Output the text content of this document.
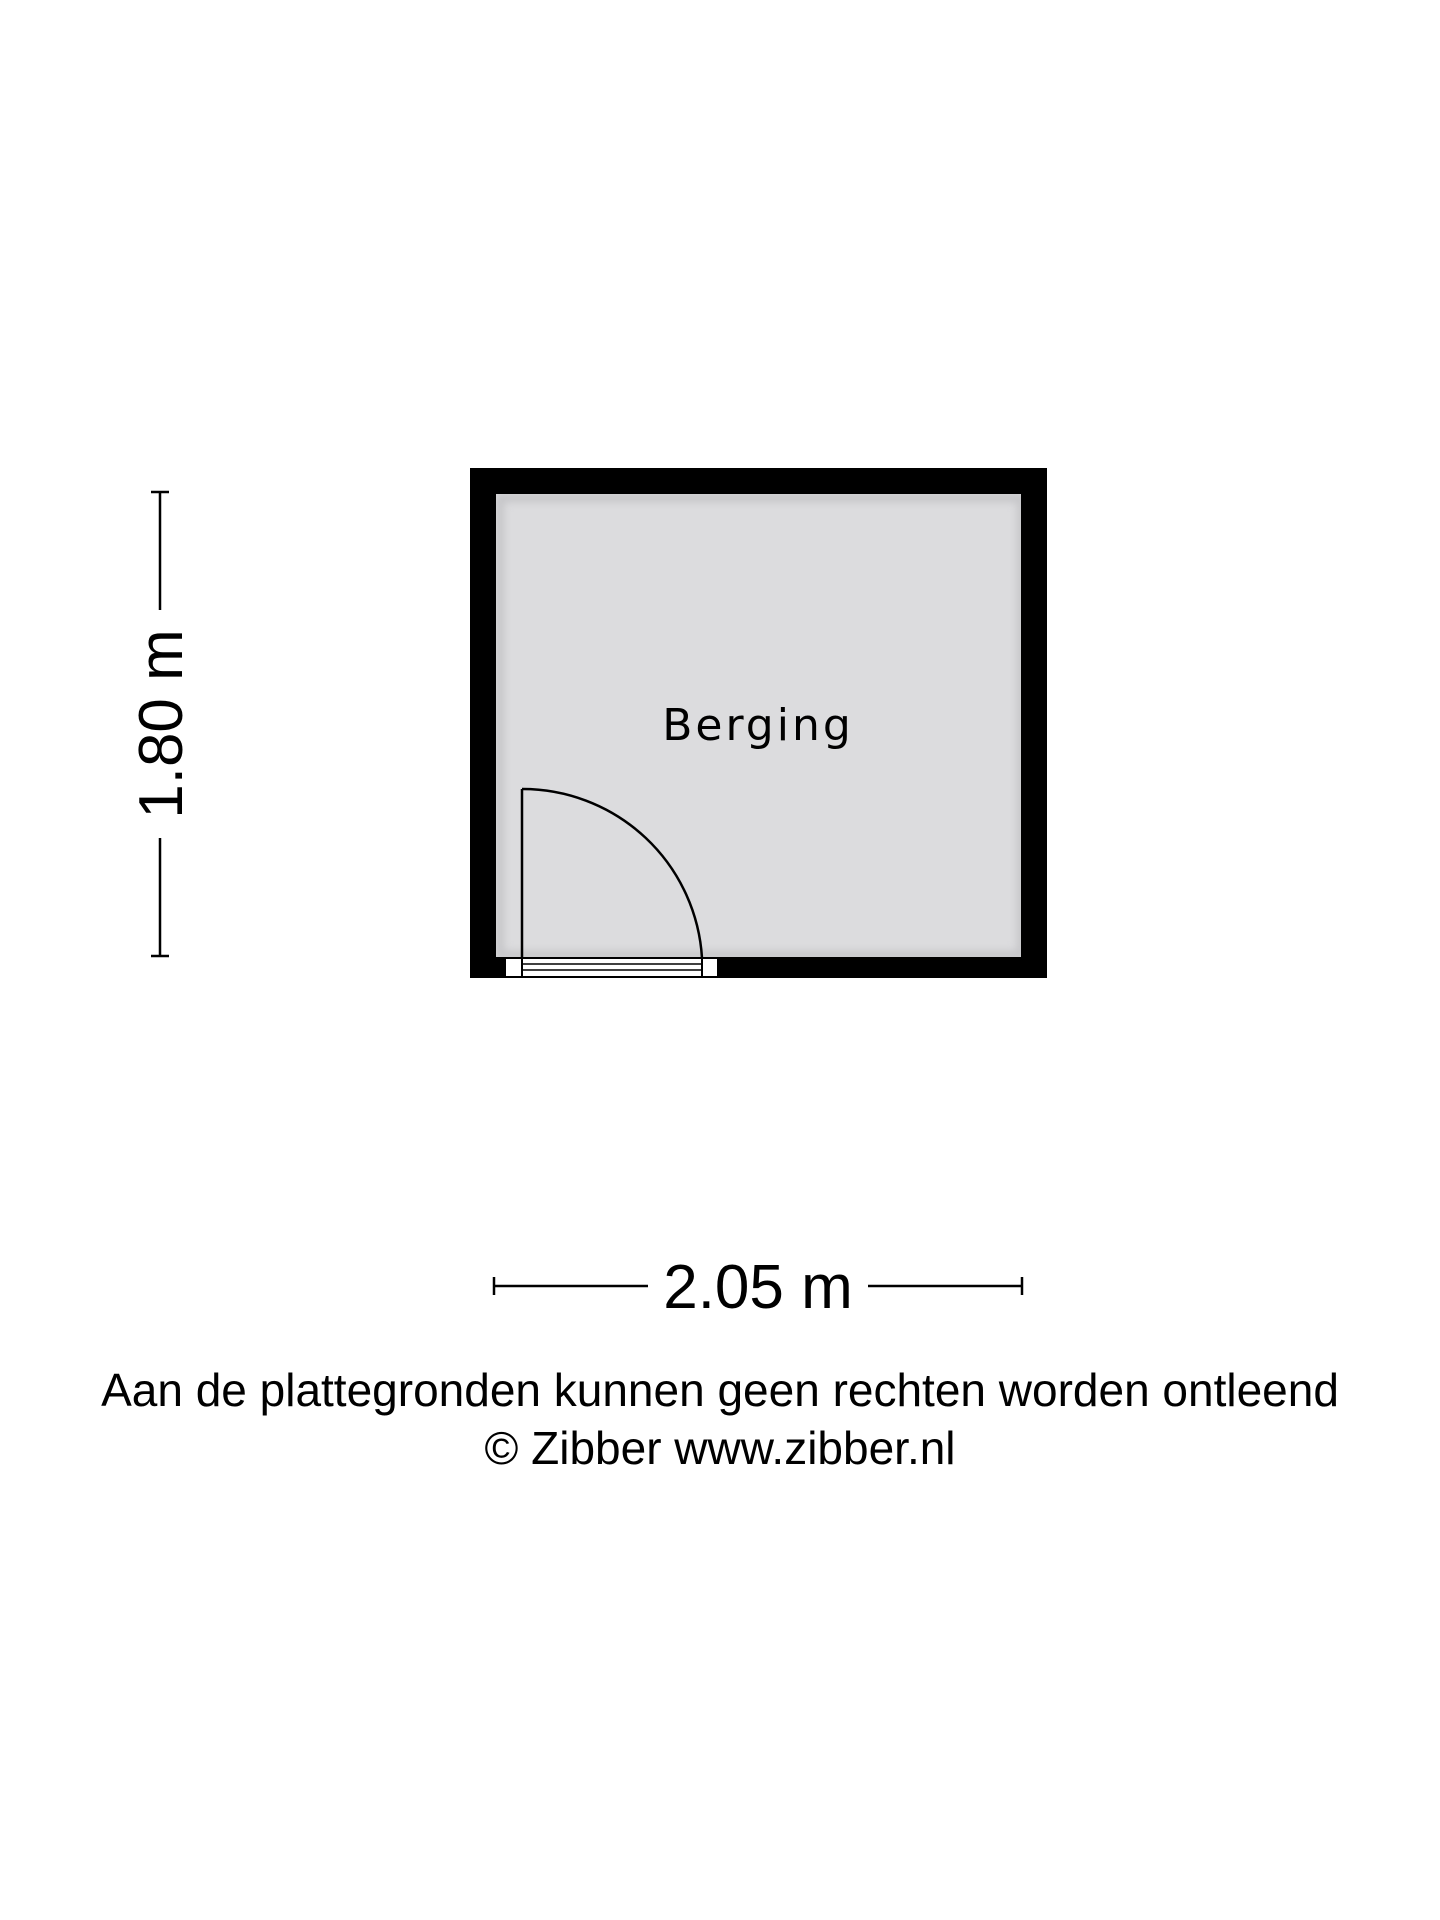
Berging
2.05 m
1.80 m
Aan de plattegronden kunnen geen rechten worden ontleend
© Zibber www.zibber.nl
